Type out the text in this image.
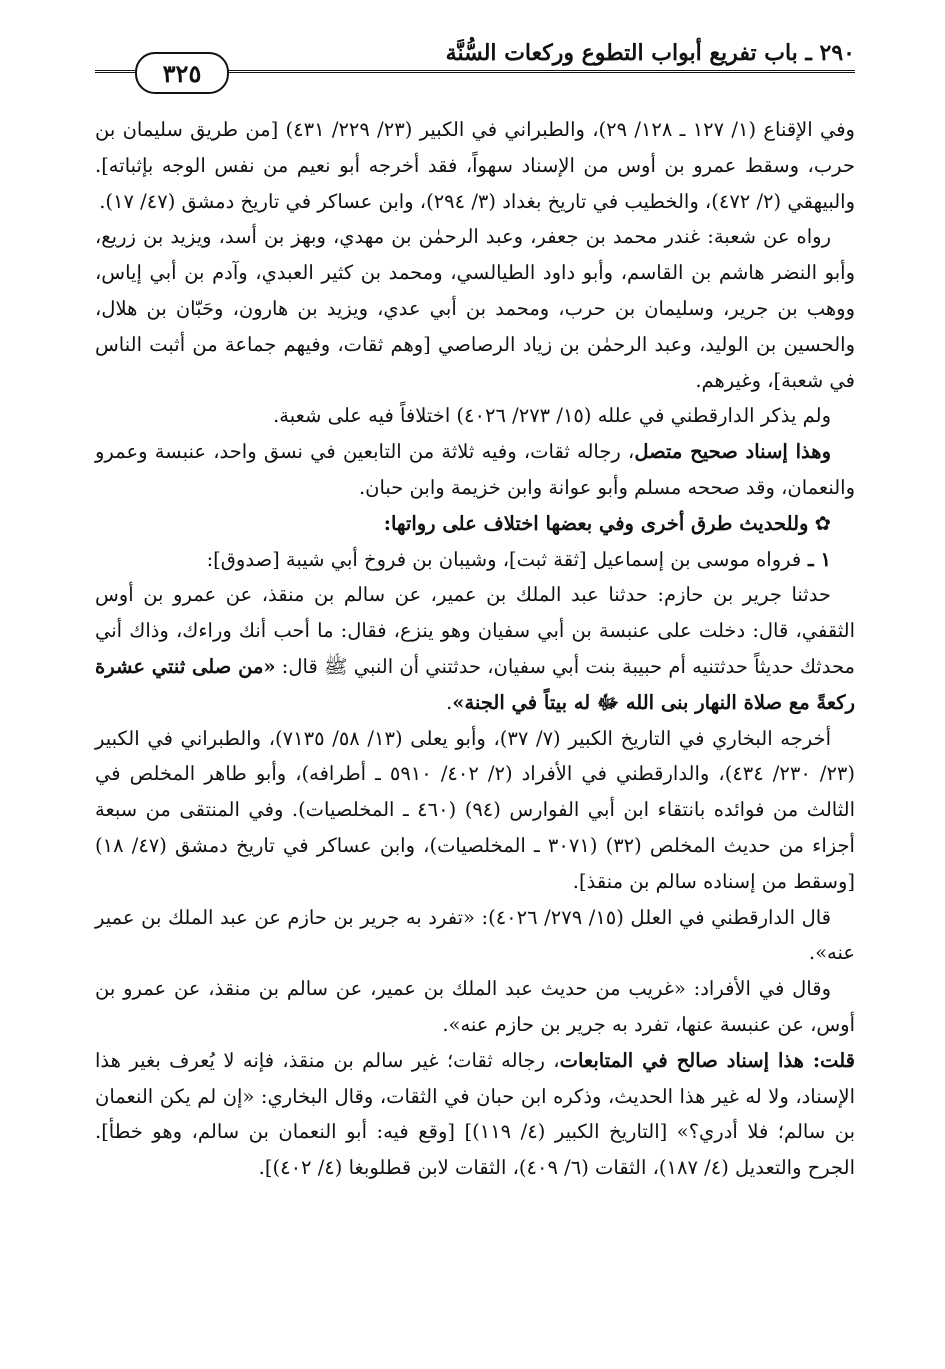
٢٩٠ ـ باب تفريع أبواب التطوع وركعات السُّنَّة
٣٢٥

وفي الإقناع (١/ ١٢٧ ـ ١٢٨/ ٢٩)، والطبراني في الكبير (٢٣/ ٢٢٩/ ٤٣١) [من طريق سليمان بن حرب، وسقط عمرو بن أوس من الإسناد سهواً، فقد أخرجه أبو نعيم من نفس الوجه بإثباته]. والبيهقي (٢/ ٤٧٢)، والخطيب في تاريخ بغداد (٣/ ٢٩٤)، وابن عساكر في تاريخ دمشق (٤٧/ ١٧).

رواه عن شعبة: غندر محمد بن جعفر، وعبد الرحمٰن بن مهدي، وبهز بن أسد، ويزيد بن زريع، وأبو النضر هاشم بن القاسم، وأبو داود الطيالسي، ومحمد بن كثير العبدي، وآدم بن أبي إياس، ووهب بن جرير، وسليمان بن حرب، ومحمد بن أبي عدي، ويزيد بن هارون، وحَبّان بن هلال، والحسين بن الوليد، وعبد الرحمٰن بن زياد الرصاصي [وهم ثقات، وفيهم جماعة من أثبت الناس في شعبة]، وغيرهم.

ولم يذكر الدارقطني في علله (١٥/ ٢٧٣/ ٤٠٢٦) اختلافاً فيه على شعبة.

وهذا إسناد صحيح متصل، رجاله ثقات، وفيه ثلاثة من التابعين في نسق واحد، عنبسة وعمرو والنعمان، وقد صححه مسلم وأبو عوانة وابن خزيمة وابن حبان.

✿ وللحديث طرق أخرى وفي بعضها اختلاف على رواتها:

١ ـ فرواه موسى بن إسماعيل [ثقة ثبت]، وشيبان بن فروخ أبي شيبة [صدوق]:

حدثنا جرير بن حازم: حدثنا عبد الملك بن عمير، عن سالم بن منقذ، عن عمرو بن أوس الثقفي، قال: دخلت على عنبسة بن أبي سفيان وهو ينزع، فقال: ما أحب أنك وراءك، وذاك أني محدثك حديثاً حدثتنيه أم حبيبة بنت أبي سفيان، حدثتني أن النبي ﷺ قال: «من صلى ثنتي عشرة ركعةً مع صلاة النهار بنى الله ﷻ له بيتاً في الجنة».

أخرجه البخاري في التاريخ الكبير (٧/ ٣٧)، وأبو يعلى (١٣/ ٥٨/ ٧١٣٥)، والطبراني في الكبير (٢٣/ ٢٣٠/ ٤٣٤)، والدارقطني في الأفراد (٢/ ٤٠٢/ ٥٩١٠ ـ أطرافه)، وأبو طاهر المخلص في الثالث من فوائده بانتقاء ابن أبي الفوارس (٩٤) (٤٦٠ ـ المخلصيات). وفي المنتقى من سبعة أجزاء من حديث المخلص (٣٢) (٣٠٧١ ـ المخلصيات)، وابن عساكر في تاريخ دمشق (٤٧/ ١٨) [وسقط من إسناده سالم بن منقذ].

قال الدارقطني في العلل (١٥/ ٢٧٩/ ٤٠٢٦): «تفرد به جرير بن حازم عن عبد الملك بن عمير عنه».

وقال في الأفراد: «غريب من حديث عبد الملك بن عمير، عن سالم بن منقذ، عن عمرو بن أوس، عن عنبسة عنها، تفرد به جرير بن حازم عنه».

قلت: هذا إسناد صالح في المتابعات، رجاله ثقات؛ غير سالم بن منقذ، فإنه لا يُعرف بغير هذا الإسناد، ولا له غير هذا الحديث، وذكره ابن حبان في الثقات، وقال البخاري: «إن لم يكن النعمان بن سالم؛ فلا أدري؟» [التاريخ الكبير (٤/ ١١٩)] [وقع فيه: أبو النعمان بن سالم، وهو خطأ]. الجرح والتعديل (٤/ ١٨٧)، الثقات (٦/ ٤٠٩)، الثقات لابن قطلوبغا (٤/ ٤٠٢)].
